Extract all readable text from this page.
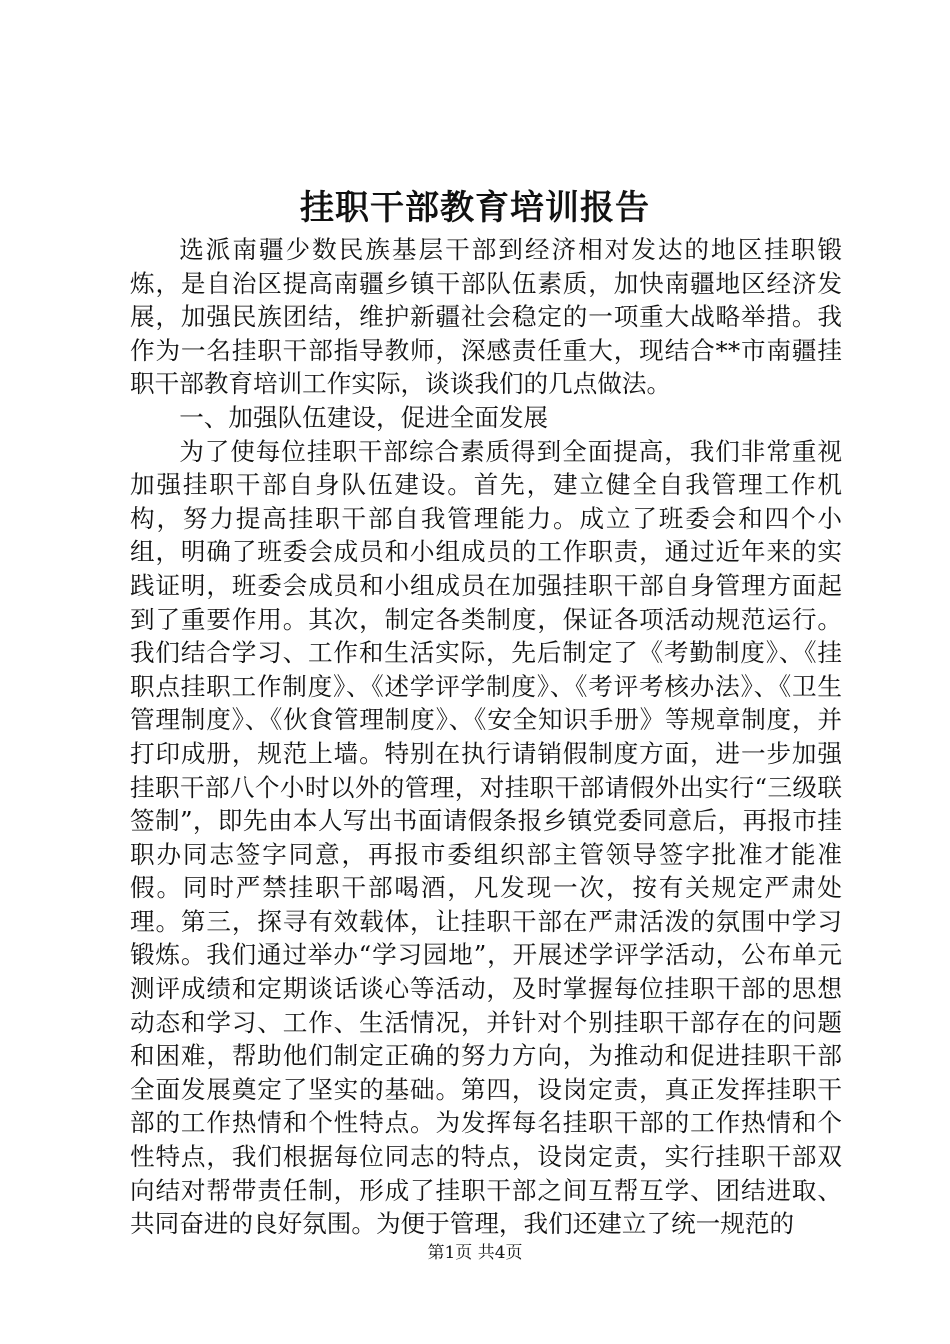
挂职干部教育培训报告

选派南疆少数民族基层干部到经济相对发达的地区挂职锻炼，是自治区提高南疆乡镇干部队伍素质，加快南疆地区经济发展，加强民族团结，维护新疆社会稳定的一项重大战略举措。我作为一名挂职干部指导教师，深感责任重大，现结合**市南疆挂职干部教育培训工作实际，谈谈我们的几点做法。

一、加强队伍建设，促进全面发展

为了使每位挂职干部综合素质得到全面提高，我们非常重视加强挂职干部自身队伍建设。首先，建立健全自我管理工作机构，努力提高挂职干部自我管理能力。成立了班委会和四个小组，明确了班委会成员和小组成员的工作职责，通过近年来的实践证明，班委会成员和小组成员在加强挂职干部自身管理方面起到了重要作用。其次，制定各类制度，保证各项活动规范运行。我们结合学习、工作和生活实际，先后制定了《考勤制度》、《挂职点挂职工作制度》、《述学评学制度》、《考评考核办法》、《卫生管理制度》、《伙食管理制度》、《安全知识手册》等规章制度，并打印成册，规范上墙。特别在执行请销假制度方面，进一步加强挂职干部八个小时以外的管理，对挂职干部请假外出实行“三级联签制”，即先由本人写出书面请假条报乡镇党委同意后，再报市挂职办同志签字同意，再报市委组织部主管领导签字批准才能准假。同时严禁挂职干部喝酒，凡发现一次，按有关规定严肃处理。第三，探寻有效载体，让挂职干部在严肃活泼的氛围中学习锻炼。我们通过举办“学习园地”，开展述学评学活动，公布单元测评成绩和定期谈话谈心等活动，及时掌握每位挂职干部的思想动态和学习、工作、生活情况，并针对个别挂职干部存在的问题和困难，帮助他们制定正确的努力方向，为推动和促进挂职干部全面发展奠定了坚实的基础。第四，设岗定责，真正发挥挂职干部的工作热情和个性特点。为发挥每名挂职干部的工作热情和个性特点，我们根据每位同志的特点，设岗定责，实行挂职干部双向结对帮带责任制，形成了挂职干部之间互帮互学、团结进取、共同奋进的良好氛围。为便于管理，我们还建立了统一规范的

第1页 共4页
